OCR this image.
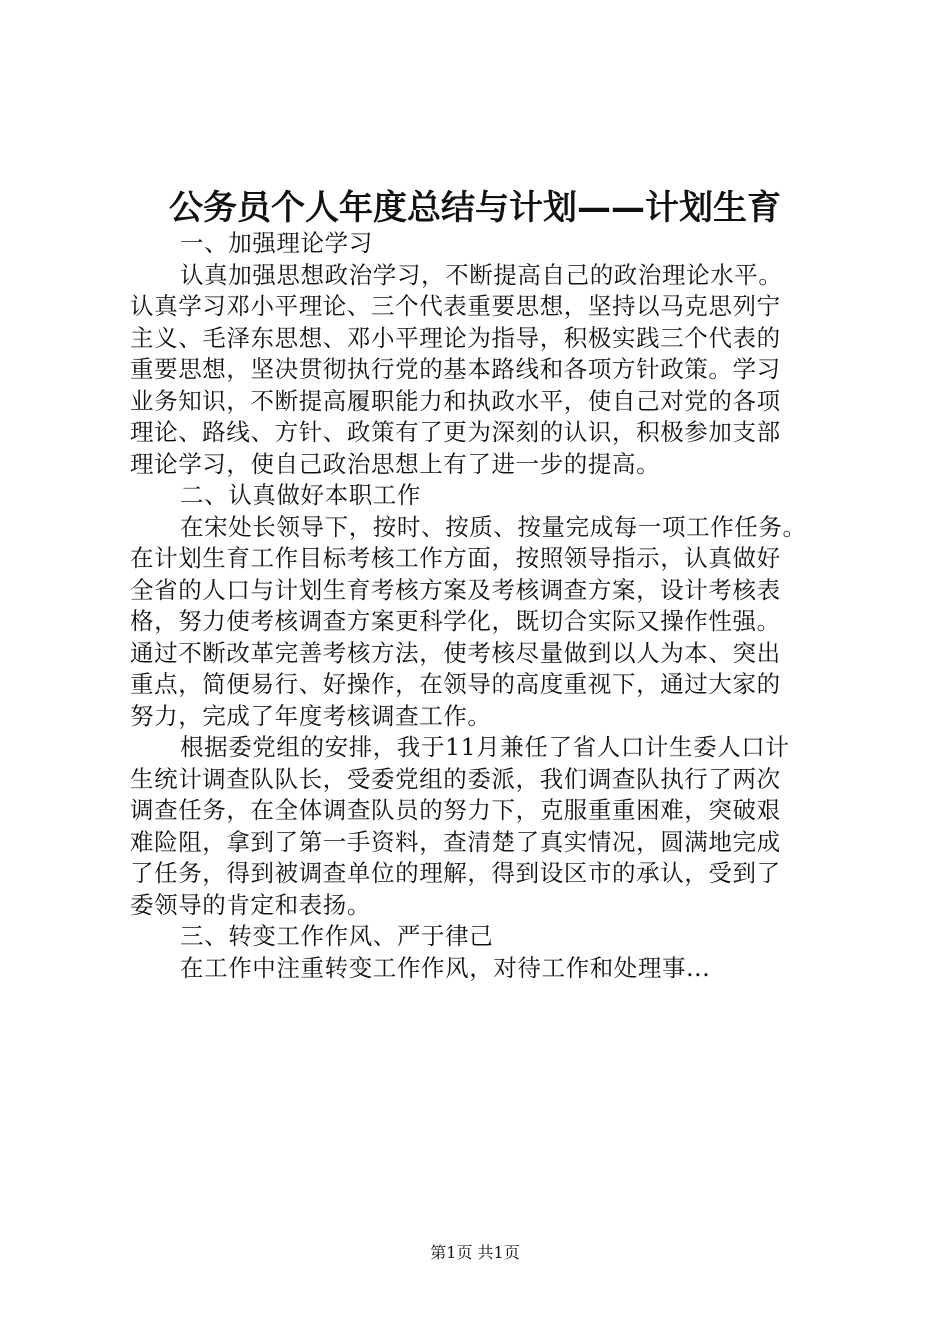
公务员个人年度总结与计划——计划生育
一、加强理论学习
认真加强思想政治学习，不断提高自己的政治理论水平。
认真学习邓小平理论、三个代表重要思想，坚持以马克思列宁
主义、毛泽东思想、邓小平理论为指导，积极实践三个代表的
重要思想，坚决贯彻执行党的基本路线和各项方针政策。学习
业务知识，不断提高履职能力和执政水平，使自己对党的各项
理论、路线、方针、政策有了更为深刻的认识，积极参加支部
理论学习，使自己政治思想上有了进一步的提高。
二、认真做好本职工作
在宋处长领导下，按时、按质、按量完成每一项工作任务。
在计划生育工作目标考核工作方面，按照领导指示，认真做好
全省的人口与计划生育考核方案及考核调查方案，设计考核表
格，努力使考核调查方案更科学化，既切合实际又操作性强。
通过不断改革完善考核方法，使考核尽量做到以人为本、突出
重点，简便易行、好操作，在领导的高度重视下，通过大家的
努力，完成了年度考核调查工作。
根据委党组的安排，我于11月兼任了省人口计生委人口计
生统计调查队队长，受委党组的委派，我们调查队执行了两次
调查任务，在全体调查队员的努力下，克服重重困难，突破艰
难险阻，拿到了第一手资料，查清楚了真实情况，圆满地完成
了任务，得到被调查单位的理解，得到设区市的承认，受到了
委领导的肯定和表扬。
三、转变工作作风、严于律己
在工作中注重转变工作作风，对待工作和处理事...
第1页 共1页
